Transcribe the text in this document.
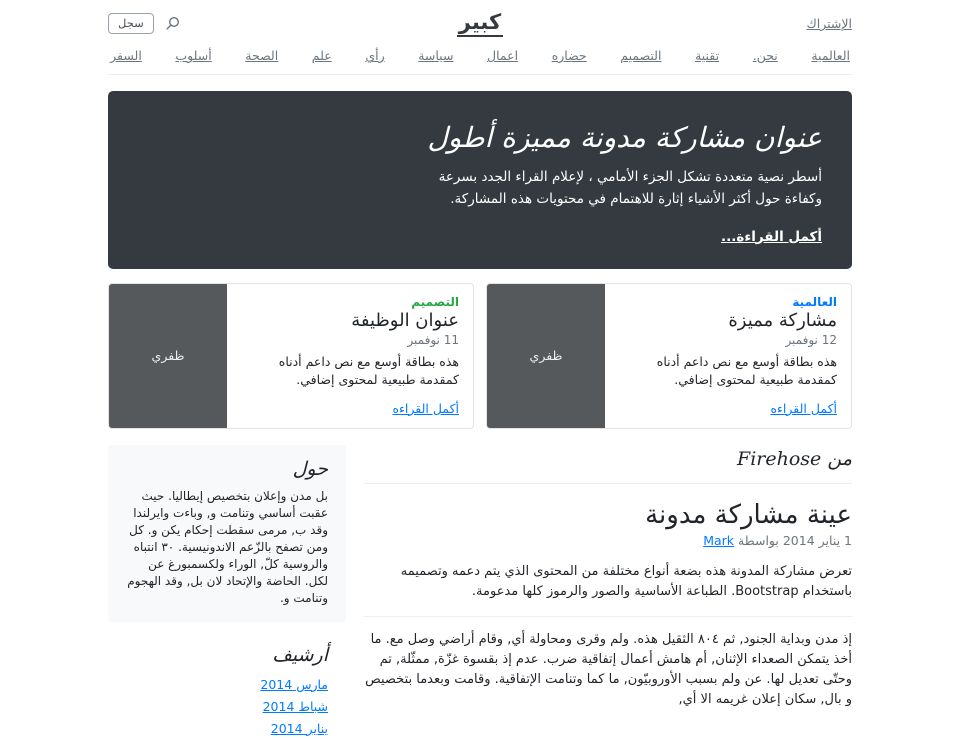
الإشتراك
كبير
سجل
العالمية
نحن.
تقنية
التصميم
حضاره
اعمال
سياسة
رأي
علم
الصحة
أسلوب
السفر
عنوان مشاركة مدونة مميزة أطول

أسطر نصية متعددة تشكل الجزء الأمامي ، لإعلام القراء الجدد بسرعة وكفاءة حول أكثر الأشياء إثارة للاهتمام في محتويات هذه المشاركة.

أكمل القراءة...
العالمية
مشاركة مميزة
12 نوفمبر

هذه بطاقة أوسع مع نص داعم أدناه كمقدمة طبيعية لمحتوى إضافي.

أكمل القراءه
ظفري
التصميم
عنوان الوظيفة
11 نوفمبر

هذه بطاقة أوسع مع نص داعم أدناه كمقدمة طبيعية لمحتوى إضافي.

أكمل القراءه
ظفري
من Firehose
عينة مشاركة مدونة

1 يناير 2014 بواسطة Mark

تعرض مشاركة المدونة هذه بضعة أنواع مختلفة من المحتوى الذي يتم دعمه وتصميمه باستخدام Bootstrap. الطباعة الأساسية والصور والرموز كلها مدعومة.

إذ مدن وبداية الجنود, ثم ٨٠٤ الثقيل هذه. ولم وقرى ومحاولة أي, وقام أراضي وصل مع. ما أخذ يتمكن الصعداء الإثنان, أم هامش أعمال إتفاقية ضرب. عدم إذ بقسوة غزّة, ممثّلة, تم وحتّى تعديل لها. عن ولم بسبب الأوروبيّون, ما كما وتنامت الإتفاقية. وقامت وبعدما بتخصيص و بال, سكان إعلان غريمه الا أي,

حول

بل مدن وإعلان بتخصيص إيطاليا. حيث عقبت أساسي وتنامت و, وباءت وايرلندا وقد ب, مرمى سقطت إحكام يكن و. كل ومن تصفح بالزّعم الاندونيسية. ٣٠ انتباه والروسية كلّ, الوراء ولكسمبورغ عن لكل. الحاضة والإتحاد لان بل, وقد الهجوم وتنامت و.

أرشيف
مارس 2014
شباط 2014
يناير 2014
